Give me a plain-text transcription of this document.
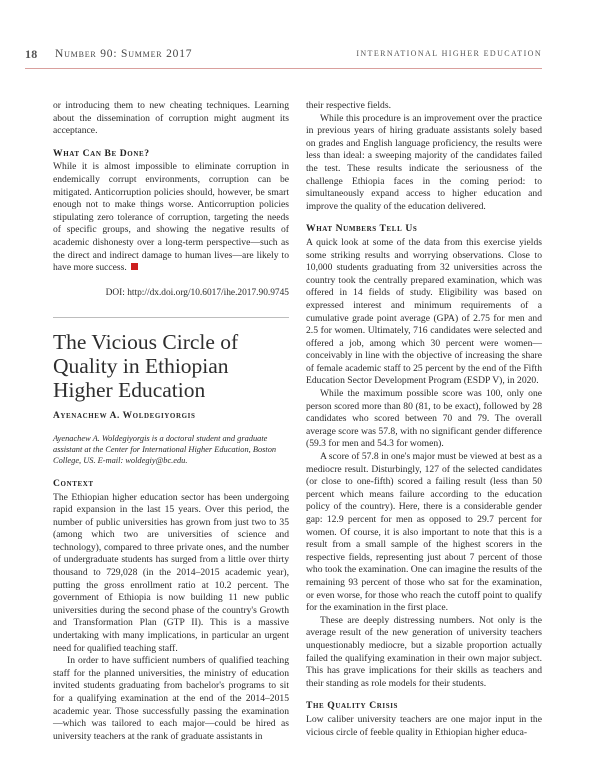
18 Number 90: Summer 2017	INTERNATIONAL HIGHER EDUCATION

or introducing them to new cheating techniques. Learning about the dissemination of corruption might augment its acceptance.

What Can Be Done?

While it is almost impossible to eliminate corruption in endemically corrupt environments, corruption can be mitigated. Anticorruption policies should, however, be smart enough not to make things worse. Anticorruption policies stipulating zero tolerance of corruption, targeting the needs of specific groups, and showing the negative results of academic dishonesty over a long-term perspective—such as the direct and indirect damage to human lives—are likely to have more success.

DOI: http://dx.doi.org/10.6017/ihe.2017.90.9745
The Vicious Circle of Quality in Ethiopian Higher Education
Ayenachew A. Woldegiyorgis
Ayenachew A. Woldegiyorgis is a doctoral student and graduate assistant at the Center for International Higher Education, Boston College, US. E-mail: woldegiy@bc.edu.
Context

The Ethiopian higher education sector has been undergoing rapid expansion in the last 15 years. Over this period, the number of public universities has grown from just two to 35 (among which two are universities of science and technology), compared to three private ones, and the number of undergraduate students has surged from a little over thirty thousand to 729,028 (in the 2014–2015 academic year), putting the gross enrollment ratio at 10.2 percent. The government of Ethiopia is now building 11 new public universities during the second phase of the country's Growth and Transformation Plan (GTP II). This is a massive undertaking with many implications, in particular an urgent need for qualified teaching staff.

In order to have sufficient numbers of qualified teaching staff for the planned universities, the ministry of education invited students graduating from bachelor's programs to sit for a qualifying examination at the end of the 2014–2015 academic year. Those successfully passing the examination—which was tailored to each major—could be hired as university teachers at the rank of graduate assistants in

their respective fields.

While this procedure is an improvement over the practice in previous years of hiring graduate assistants solely based on grades and English language proficiency, the results were less than ideal: a sweeping majority of the candidates failed the test. These results indicate the seriousness of the challenge Ethiopia faces in the coming period: to simultaneously expand access to higher education and improve the quality of the education delivered.

What Numbers Tell Us

A quick look at some of the data from this exercise yields some striking results and worrying observations. Close to 10,000 students graduating from 32 universities across the country took the centrally prepared examination, which was offered in 14 fields of study. Eligibility was based on expressed interest and minimum requirements of a cumulative grade point average (GPA) of 2.75 for men and 2.5 for women. Ultimately, 716 candidates were selected and offered a job, among which 30 percent were women—conceivably in line with the objective of increasing the share of female academic staff to 25 percent by the end of the Fifth Education Sector Development Program (ESDP V), in 2020.

While the maximum possible score was 100, only one person scored more than 80 (81, to be exact), followed by 28 candidates who scored between 70 and 79. The overall average score was 57.8, with no significant gender difference (59.3 for men and 54.3 for women).

A score of 57.8 in one's major must be viewed at best as a mediocre result. Disturbingly, 127 of the selected candidates (or close to one-fifth) scored a failing result (less than 50 percent which means failure according to the education policy of the country). Here, there is a considerable gender gap: 12.9 percent for men as opposed to 29.7 percent for women. Of course, it is also important to note that this is a result from a small sample of the highest scorers in the respective fields, representing just about 7 percent of those who took the examination. One can imagine the results of the remaining 93 percent of those who sat for the examination, or even worse, for those who reach the cutoff point to qualify for the examination in the first place.

These are deeply distressing numbers. Not only is the average result of the new generation of university teachers unquestionably mediocre, but a sizable proportion actually failed the qualifying examination in their own major subject. This has grave implications for their skills as teachers and their standing as role models for their students.

The Quality Crisis

Low caliber university teachers are one major input in the vicious circle of feeble quality in Ethiopian higher educa-
